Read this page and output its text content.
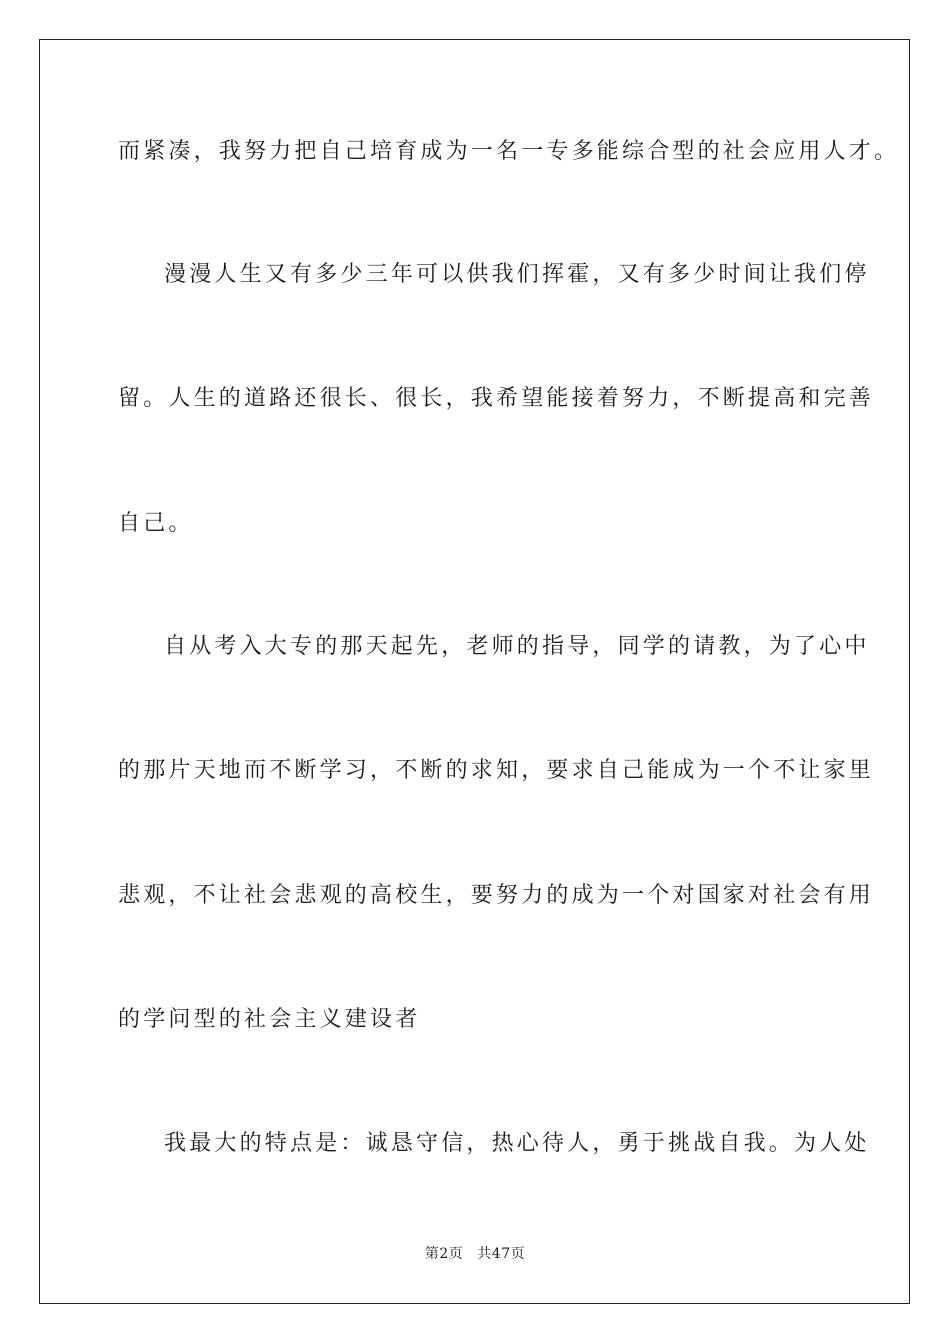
而紧凑，我努力把自己培育成为一名一专多能综合型的社会应用人才。
漫漫人生又有多少三年可以供我们挥霍，又有多少时间让我们停
留。人生的道路还很长、很长，我希望能接着努力，不断提高和完善
自己。
自从考入大专的那天起先，老师的指导，同学的请教，为了心中
的那片天地而不断学习，不断的求知，要求自己能成为一个不让家里
悲观，不让社会悲观的高校生，要努力的成为一个对国家对社会有用
的学问型的社会主义建设者
我最大的特点是：诚恳守信，热心待人，勇于挑战自我。为人处
第2页 共47页
